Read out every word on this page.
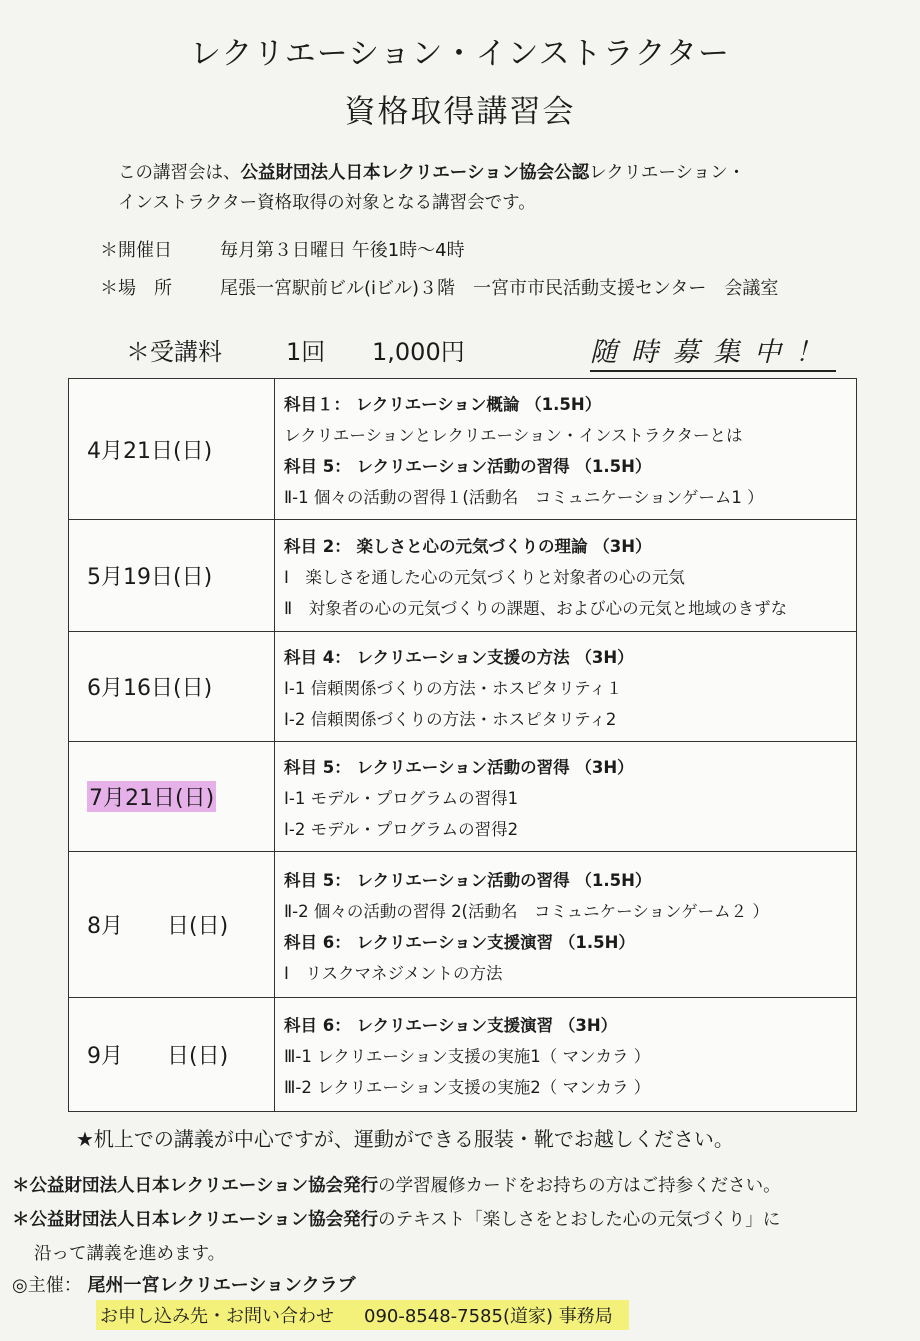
レクリエーション・インストラクター
資格取得講習会
この講習会は、公益財団法人日本レクリエーション協会公認レクリエーション・
インストラクター資格取得の対象となる講習会です。
＊開催日	毎月第３日曜日 午後1時～4時
＊場　所	尾張一宮駅前ビル(iビル)３階　一宮市市民活動支援センター　会議室
＊受講料	1回 1,000円	随時募集中！
4月21日(日)	科目１： レクリエーション概論 （1.5H）
レクリエーションとレクリエーション・インストラクターとは
科目 5： レクリエーション活動の習得 （1.5H）
Ⅱ-1 個々の活動の習得１(活動名　コミュニケーションゲーム1 ）

5月19日(日)	科目 2： 楽しさと心の元気づくりの理論 （3H）
Ⅰ　楽しさを通した心の元気づくりと対象者の心の元気
Ⅱ　対象者の心の元気づくりの課題、および心の元気と地域のきずな

6月16日(日)	科目 4： レクリエーション支援の方法 （3H）
Ⅰ-1 信頼関係づくりの方法・ホスピタリティ１
Ⅰ-2 信頼関係づくりの方法・ホスピタリティ2

7月21日(日)	科目 5： レクリエーション活動の習得 （3H）
Ⅰ-1 モデル・プログラムの習得1
Ⅰ-2 モデル・プログラムの習得2

8月　　日(日)	科目 5： レクリエーション活動の習得 （1.5H）
Ⅱ-2 個々の活動の習得 2(活動名　コミュニケーションゲーム２ ）
科目 6： レクリエーション支援演習 （1.5H）
Ⅰ　リスクマネジメントの方法

9月　　日(日)	科目 6： レクリエーション支援演習 （3H）
Ⅲ-1 レクリエーション支援の実施1（ マンカラ ）
Ⅲ-2 レクリエーション支援の実施2（ マンカラ ）
★机上での講義が中心ですが、運動ができる服装・靴でお越しください。
＊公益財団法人日本レクリエーション協会発行の学習履修カードをお持ちの方はご持参ください。
＊公益財団法人日本レクリエーション協会発行のテキスト「楽しさをとおした心の元気づくり」に
沿って講義を進めます。
◎主催： 尾州一宮レクリエーションクラブ
お申し込み先・お問い合わせ 090-8548-7585(道家) 事務局
